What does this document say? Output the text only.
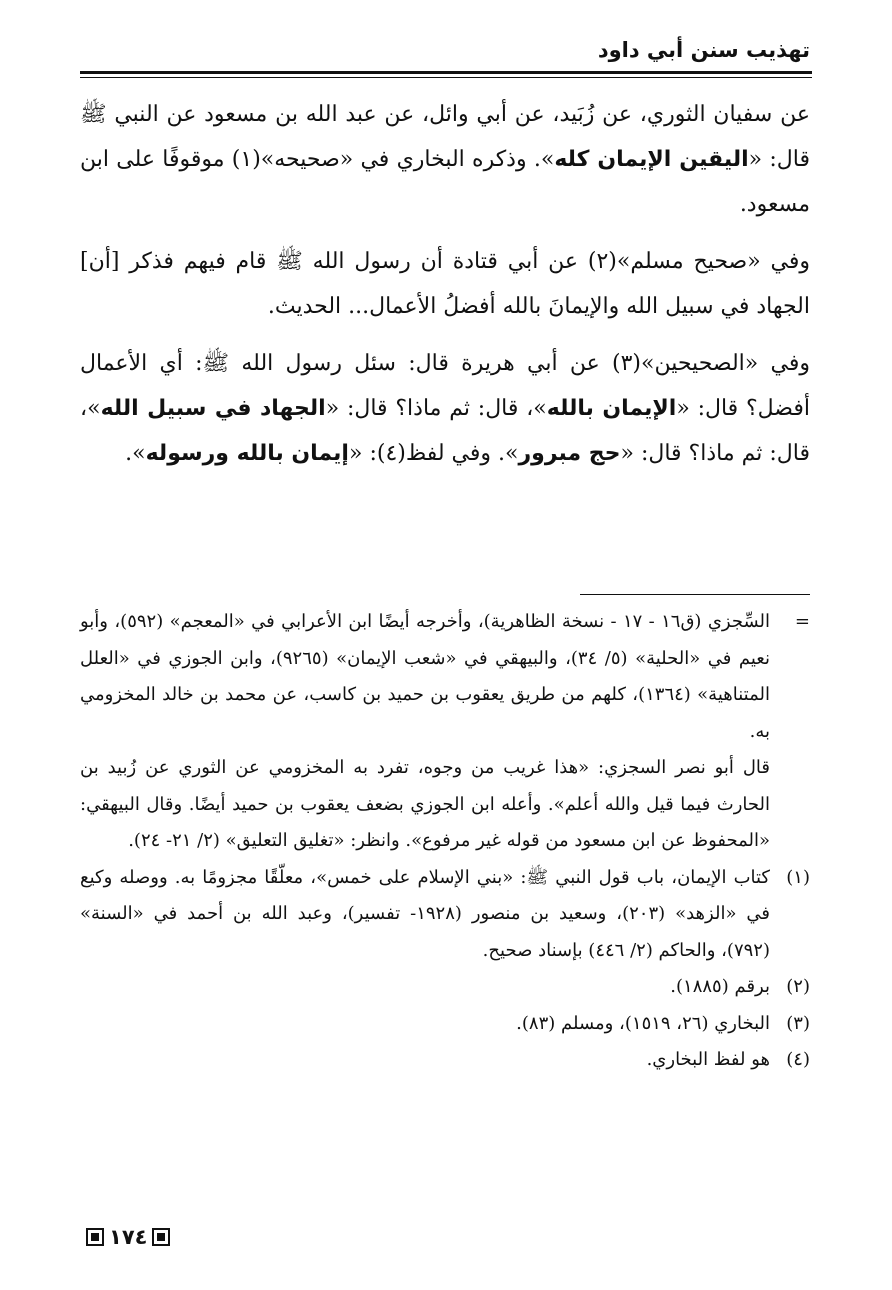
تهذيب سنن أبي داود

عن سفيان الثوري، عن زُبَيد، عن أبي وائل، عن عبد الله بن مسعود عن النبي ﷺ قال: «اليقين الإيمان كله». وذكره البخاري في «صحيحه»(١) موقوفًا على ابن مسعود.

وفي «صحيح مسلم»(٢) عن أبي قتادة أن رسول الله ﷺ قام فيهم فذكر [أن] الجهاد في سبيل الله والإيمانَ بالله أفضلُ الأعمال... الحديث.

وفي «الصحيحين»(٣) عن أبي هريرة قال: سئل رسول الله ﷺ: أي الأعمال أفضل؟ قال: «الإيمان بالله»، قال: ثم ماذا؟ قال: «الجهاد في سبيل الله»، قال: ثم ماذا؟ قال: «حج مبرور». وفي لفظ(٤): «إيمان بالله ورسوله».

=
السِّجزي (ق١٦ - ١٧ - نسخة الظاهرية)، وأخرجه أيضًا ابن الأعرابي في «المعجم» (٥٩٢)، وأبو نعيم في «الحلية» (٥/ ٣٤)، والبيهقي في «شعب الإيمان» (٩٢٦٥)، وابن الجوزي في «العلل المتناهية» (١٣٦٤)، كلهم من طريق يعقوب بن حميد بن كاسب، عن محمد بن خالد المخزومي به.
قال أبو نصر السجزي: «هذا غريب من وجوه، تفرد به المخزومي عن الثوري عن زُبيد بن الحارث فيما قيل والله أعلم». وأعله ابن الجوزي بضعف يعقوب بن حميد أيضًا. وقال البيهقي: «المحفوظ عن ابن مسعود من قوله غير مرفوع». وانظر: «تغليق التعليق» (٢/ ٢١- ٢٤).
(١)
كتاب الإيمان، باب قول النبي ﷺ: «بني الإسلام على خمس»، معلّقًا مجزومًا به. ووصله وكيع في «الزهد» (٢٠٣)، وسعيد بن منصور (١٩٢٨- تفسير)، وعبد الله بن أحمد في «السنة» (٧٩٢)، والحاكم (٢/ ٤٤٦) بإسناد صحيح.
(٢)
برقم (١٨٨٥).
(٣)
البخاري (٢٦، ١٥١٩)، ومسلم (٨٣).
(٤)
هو لفظ البخاري.
١٧٤
